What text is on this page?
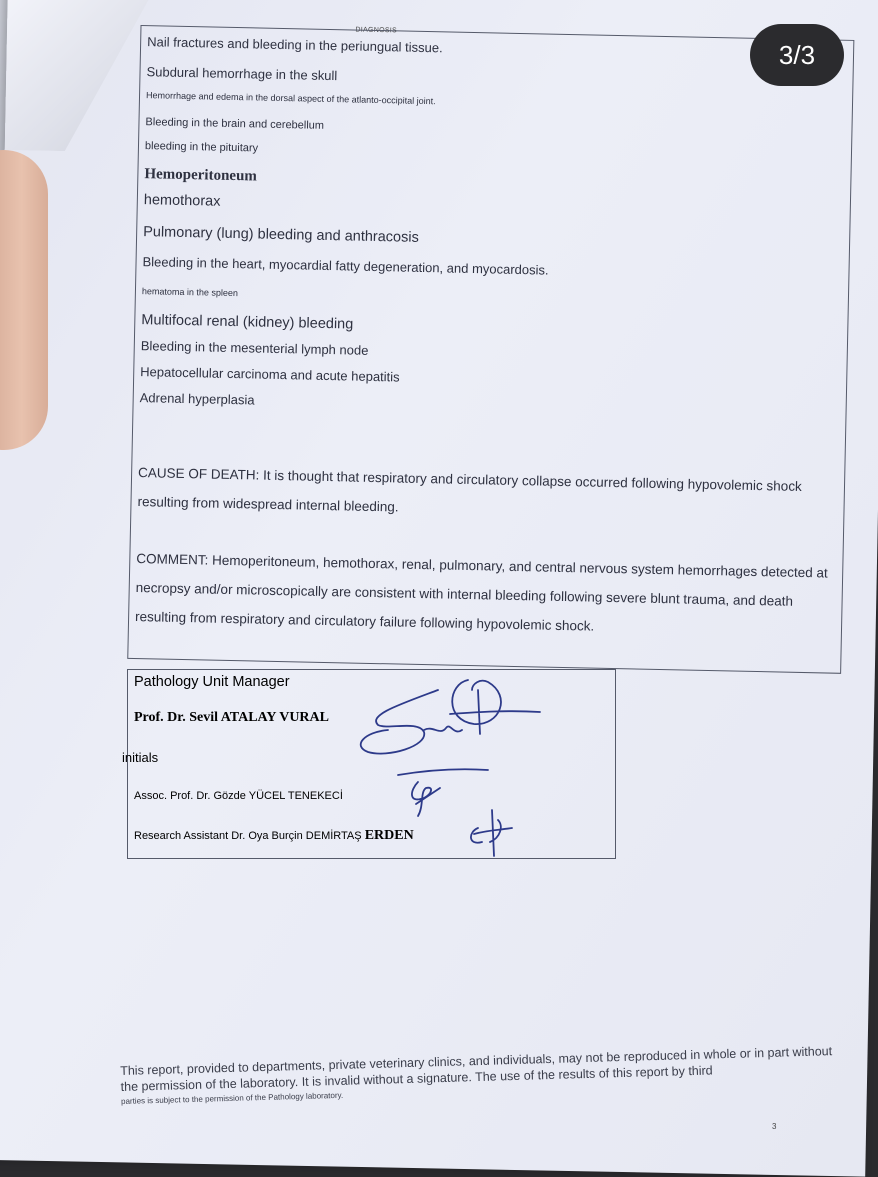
DIAGNOSIS
Nail fractures and bleeding in the periungual tissue.
Subdural hemorrhage in the skull
Hemorrhage and edema in the dorsal aspect of the atlanto-occipital joint.
Bleeding in the brain and cerebellum
bleeding in the pituitary
Hemoperitoneum
hemothorax
Pulmonary (lung) bleeding and anthracosis
Bleeding in the heart, myocardial fatty degeneration, and myocardosis.
hematoma in the spleen
Multifocal renal (kidney) bleeding
Bleeding in the mesenterial lymph node
Hepatocellular carcinoma and acute hepatitis
Adrenal hyperplasia
CAUSE OF DEATH: It is thought that respiratory and circulatory collapse occurred following hypovolemic shock resulting from widespread internal bleeding.
COMMENT: Hemoperitoneum, hemothorax, renal, pulmonary, and central nervous system hemorrhages detected at necropsy and/or microscopically are consistent with internal bleeding following severe blunt trauma, and death resulting from respiratory and circulatory failure following hypovolemic shock.
Pathology Unit Manager
Prof. Dr. Sevil ATALAY VURAL
initials
Assoc. Prof. Dr. Gözde YÜCEL TENEKECİ
Research Assistant Dr. Oya Burçin DEMİRTAŞ ERDEN
This report, provided to departments, private veterinary clinics, and individuals, may not be reproduced in whole or in part without the permission of the laboratory. It is invalid without a signature. The use of the results of this report by third
parties is subject to the permission of the Pathology laboratory.
3
3/3
